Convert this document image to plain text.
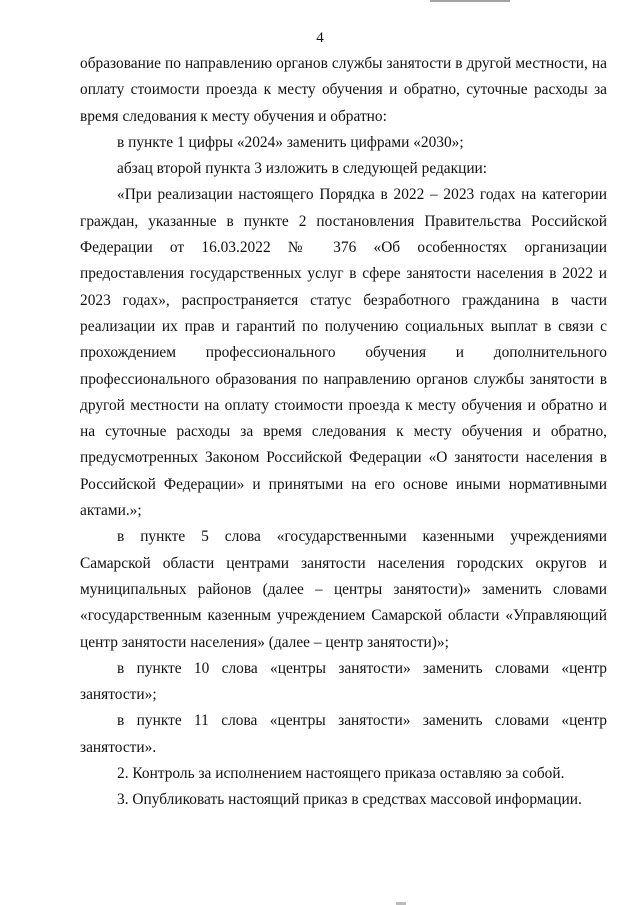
4

образование по направлению органов службы занятости в другой местности, на оплату стоимости проезда к месту обучения и обратно, суточные расходы за время следования к месту обучения и обратно:

в пункте 1 цифры «2024» заменить цифрами «2030»;

абзац второй пункта 3 изложить в следующей редакции:

«При реализации настоящего Порядка в 2022 – 2023 годах на категории граждан, указанные в пункте 2 постановления Правительства Российской Федерации от 16.03.2022 № 376 «Об особенностях организации предоставления государственных услуг в сфере занятости населения в 2022 и 2023 годах», распространяется статус безработного гражданина в части реализации их прав и гарантий по получению социальных выплат в связи с прохождением профессионального обучения и дополнительного профессионального образования по направлению органов службы занятости в другой местности на оплату стоимости проезда к месту обучения и обратно и на суточные расходы за время следования к месту обучения и обратно, предусмотренных Законом Российской Федерации «О занятости населения в Российской Федерации» и принятыми на его основе иными нормативными актами.»;

в пункте 5 слова «государственными казенными учреждениями Самарской области центрами занятости населения городских округов и муниципальных районов (далее – центры занятости)» заменить словами «государственным казенным учреждением Самарской области «Управляющий центр занятости населения» (далее – центр занятости)»;

в пункте 10 слова «центры занятости» заменить словами «центр занятости»;

в пункте 11 слова «центры занятости» заменить словами «центр занятости».

2. Контроль за исполнением настоящего приказа оставляю за собой.

3. Опубликовать настоящий приказ в средствах массовой информации.
